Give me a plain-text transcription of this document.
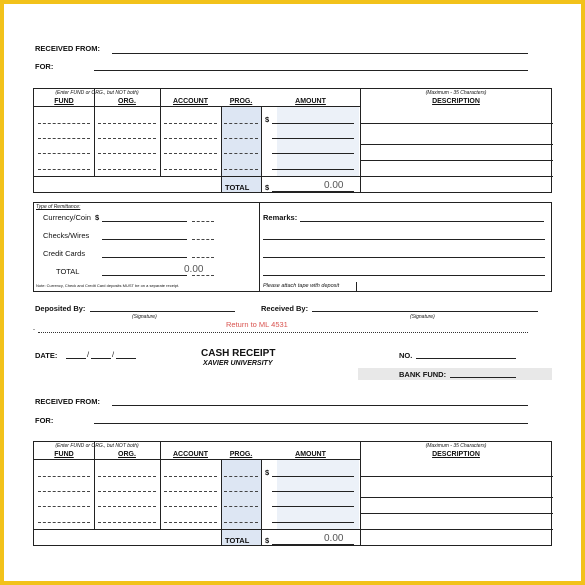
RECEIVED FROM:
FOR:
(Enter FUND or ORG., but NOT both)	(Maximum - 35 Characters)
FUND	ORG.	ACCOUNT	PROG.	AMOUNT	DESCRIPTION
$
TOTAL $	0.00
Type of Remittance:
Currency/Coin $
Checks/Wires
Credit Cards
TOTAL	0.00
Note: Currency, Check and Credit Card deposits MUST be on a separate receipt.
Remarks:
Please attach tape with deposit
Deposited By:
(Signature)
Received By:
(Signature)
Return to ML 4531
-
DATE:	/	/	CASH RECEIPT
XAVIER UNIVERSITY
NO.
BANK FUND:
RECEIVED FROM:
FOR:
(Enter FUND or ORG., but NOT both)	(Maximum - 35 Characters)
FUND	ORG.	ACCOUNT	PROG.	AMOUNT	DESCRIPTION
$
TOTAL $	0.00
